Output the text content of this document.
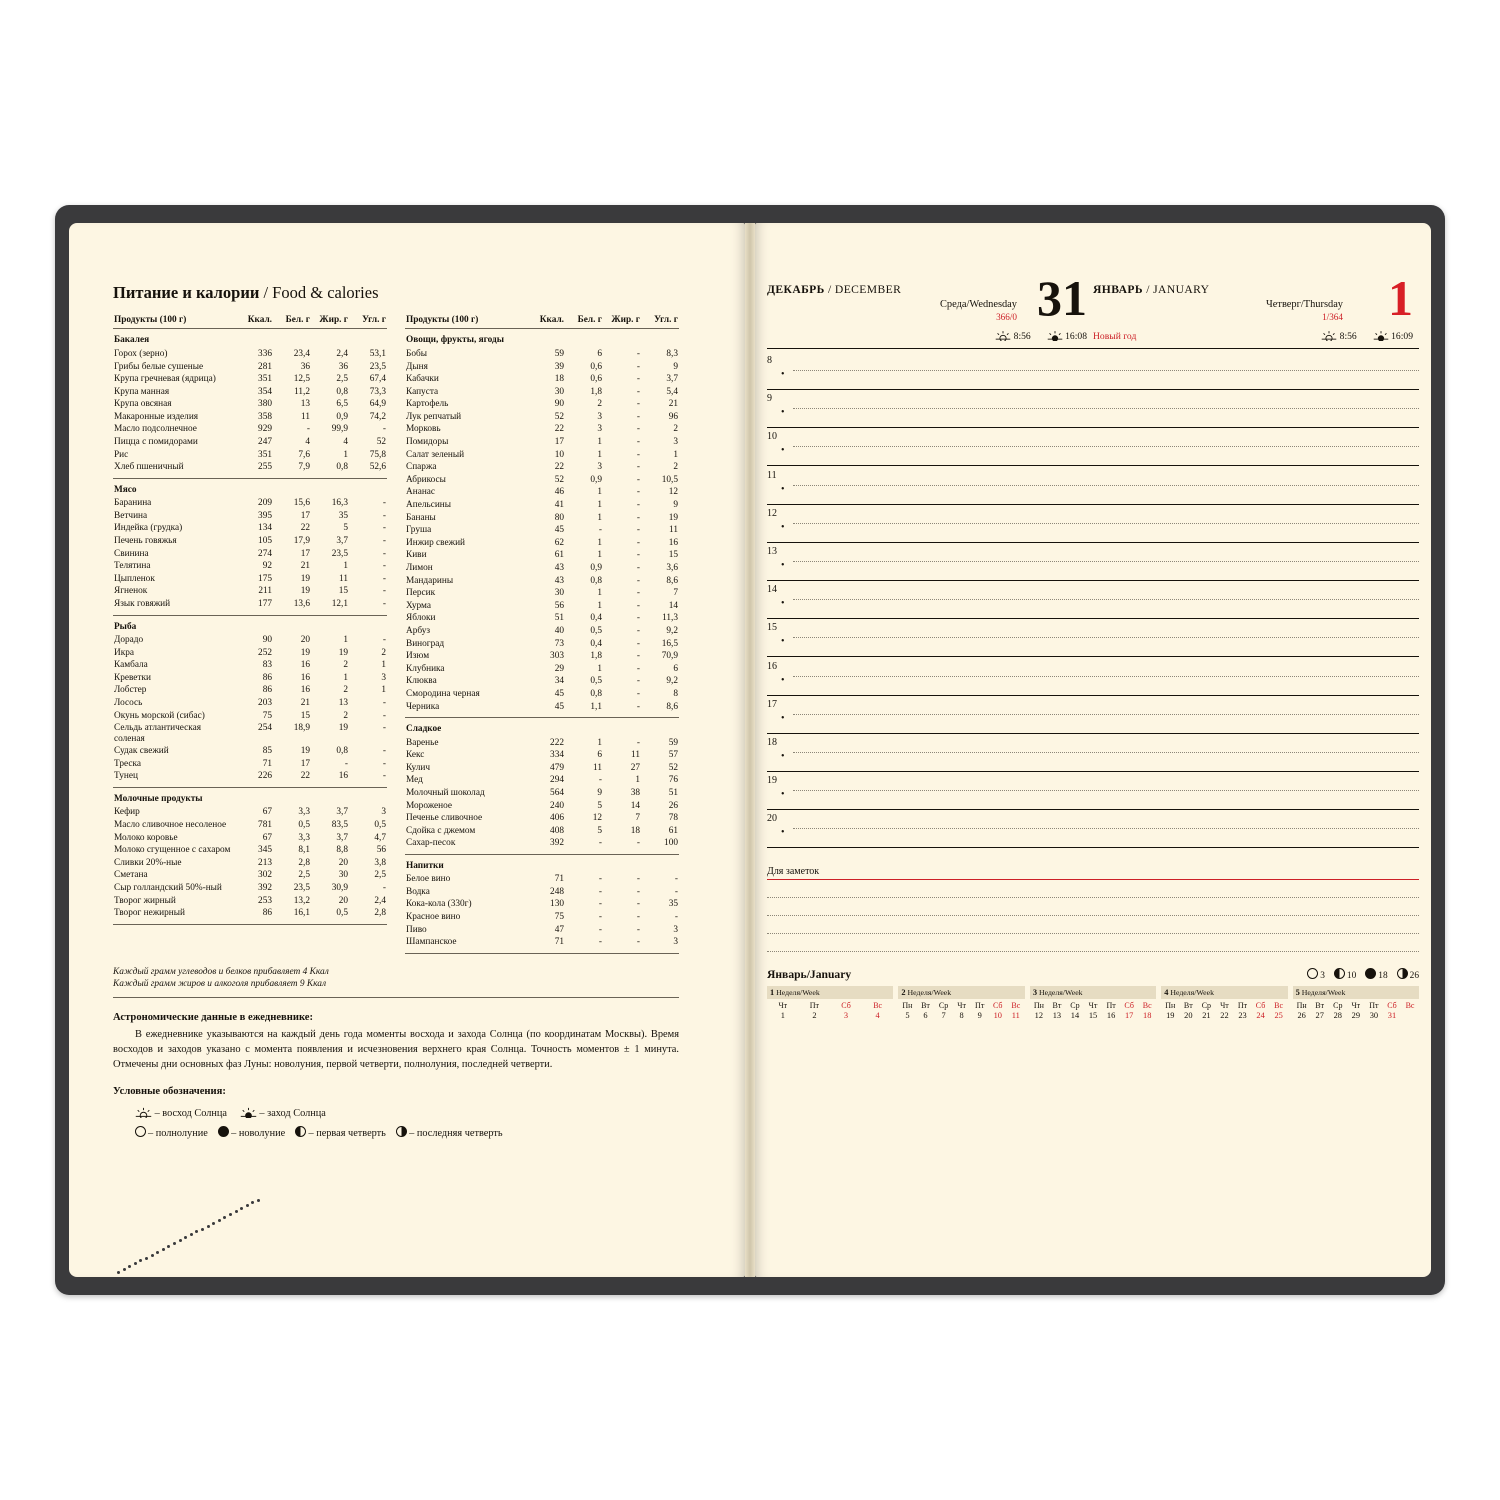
Питание и калории / Food & calories
Продукты (100 г)	Ккал.	Бел. г	Жир. г	Угл. г
Бакалея				
Горох (зерно)	336	23,4	2,4	53,1
Грибы белые сушеные	281	36	36	23,5
Крупа гречневая (ядрица)	351	12,5	2,5	67,4
Крупа манная	354	11,2	0,8	73,3
Крупа овсяная	380	13	6,5	64,9
Макаронные изделия	358	11	0,9	74,2
Масло подсолнечное	929	-	99,9	-
Пицца с помидорами	247	4	4	52
Рис	351	7,6	1	75,8
Хлеб пшеничный	255	7,9	0,8	52,6

Мясо				
Баранина	209	15,6	16,3	-
Ветчина	395	17	35	-
Индейка (грудка)	134	22	5	-
Печень говяжья	105	17,9	3,7	-
Свинина	274	17	23,5	-
Телятина	92	21	1	-
Цыпленок	175	19	11	-
Ягненок	211	19	15	-
Язык говяжий	177	13,6	12,1	-

Рыба				
Дорадо	90	20	1	-
Икра	252	19	19	2
Камбала	83	16	2	1
Креветки	86	16	1	3
Лобстер	86	16	2	1
Лосось	203	21	13	-
Окунь морской (сибас)	75	15	2	-
Сельдь атлантическая соленая	254	18,9	19	-
Судак свежий	85	19	0,8	-
Треска	71	17	-	-
Тунец	226	22	16	-

Молочные продукты				
Кефир	67	3,3	3,7	3
Масло сливочное несоленое	781	0,5	83,5	0,5
Молоко коровье	67	3,3	3,7	4,7
Молоко сгущенное с сахаром	345	8,1	8,8	56
Сливки 20%-ные	213	2,8	20	3,8
Сметана	302	2,5	30	2,5
Сыр голландский 50%-ный	392	23,5	30,9	-
Творог жирный	253	13,2	20	2,4
Творог нежирный	86	16,1	0,5	2,8

Продукты (100 г)	Ккал.	Бел. г	Жир. г	Угл. г
Овощи, фрукты, ягоды				
Бобы	59	6	-	8,3
Дыня	39	0,6	-	9
Кабачки	18	0,6	-	3,7
Капуста	30	1,8	-	5,4
Картофель	90	2	-	21
Лук репчатый	52	3	-	96
Морковь	22	3	-	2
Помидоры	17	1	-	3
Салат зеленый	10	1	-	1
Спаржа	22	3	-	2
Абрикосы	52	0,9	-	10,5
Ананас	46	1	-	12
Апельсины	41	1	-	9
Бананы	80	1	-	19
Груша	45	-	-	11
Инжир свежий	62	1	-	16
Киви	61	1	-	15
Лимон	43	0,9	-	3,6
Мандарины	43	0,8	-	8,6
Персик	30	1	-	7
Хурма	56	1	-	14
Яблоки	51	0,4	-	11,3
Арбуз	40	0,5	-	9,2
Виноград	73	0,4	-	16,5
Изюм	303	1,8	-	70,9
Клубника	29	1	-	6
Клюква	34	0,5	-	9,2
Смородина черная	45	0,8	-	8
Черника	45	1,1	-	8,6

Сладкое				
Варенье	222	1	-	59
Кекс	334	6	11	57
Кулич	479	11	27	52
Мед	294	-	1	76
Молочный шоколад	564	9	38	51
Мороженое	240	5	14	26
Печенье сливочное	406	12	7	78
Сдойка с джемом	408	5	18	61
Сахар-песок	392	-	-	100

Напитки				
Белое вино	71	-	-	-
Водка	248	-	-	-
Кока-кола (330г)	130	-	-	35
Красное вино	75	-	-	-
Пиво	47	-	-	3
Шампанское	71	-	-	3

Каждый грамм углеводов и белков прибавляет 4 Ккал
Каждый грамм жиров и алкоголя прибавляет 9 Ккал
Астрономические данные в ежедневнике:
В ежедневнике указываются на каждый день года моменты восхода и захода Солнца (по координатам Москвы). Время восходов и заходов указано с момента появления и исчезновения верхнего края Солнца. Точность моментов ± 1 минута. Отмечены дни основных фаз Луны: новолуния, первой четверти, полнолуния, последней четверти.
Условные обозначения:
– восход Солнца	– заход Солнца
– полнолуние – новолуние – первая четверть – последняя четверть
ДЕКАБРЬ / DECEMBER
Среда/Wednesday
366/0 31
8:56	16:08
ЯНВАРЬ / JANUARY
Четверг/Thursday
1/364 1
Новый год	8:56	16:09
8
•
9
•
10
•
11
•
12
•
13
•
14
•
15
•
16
•
17
•
18
•
19
•
20
•
Для заметок
Январь/January	3 10 18 26
1 Неделя/Week
Чт	Пт	Сб	Вс
1	2	3	4
2 Неделя/Week
Пн	Вт	Ср	Чт	Пт	Сб	Вс
5	6	7	8	9	10	11
3 Неделя/Week
Пн	Вт	Ср	Чт	Пт	Сб	Вс
12	13	14	15	16	17	18
4 Неделя/Week
Пн	Вт	Ср	Чт	Пт	Сб	Вс
19	20	21	22	23	24	25
5 Неделя/Week
Пн	Вт	Ср	Чт	Пт	Сб	Вс
26	27	28	29	30	31
